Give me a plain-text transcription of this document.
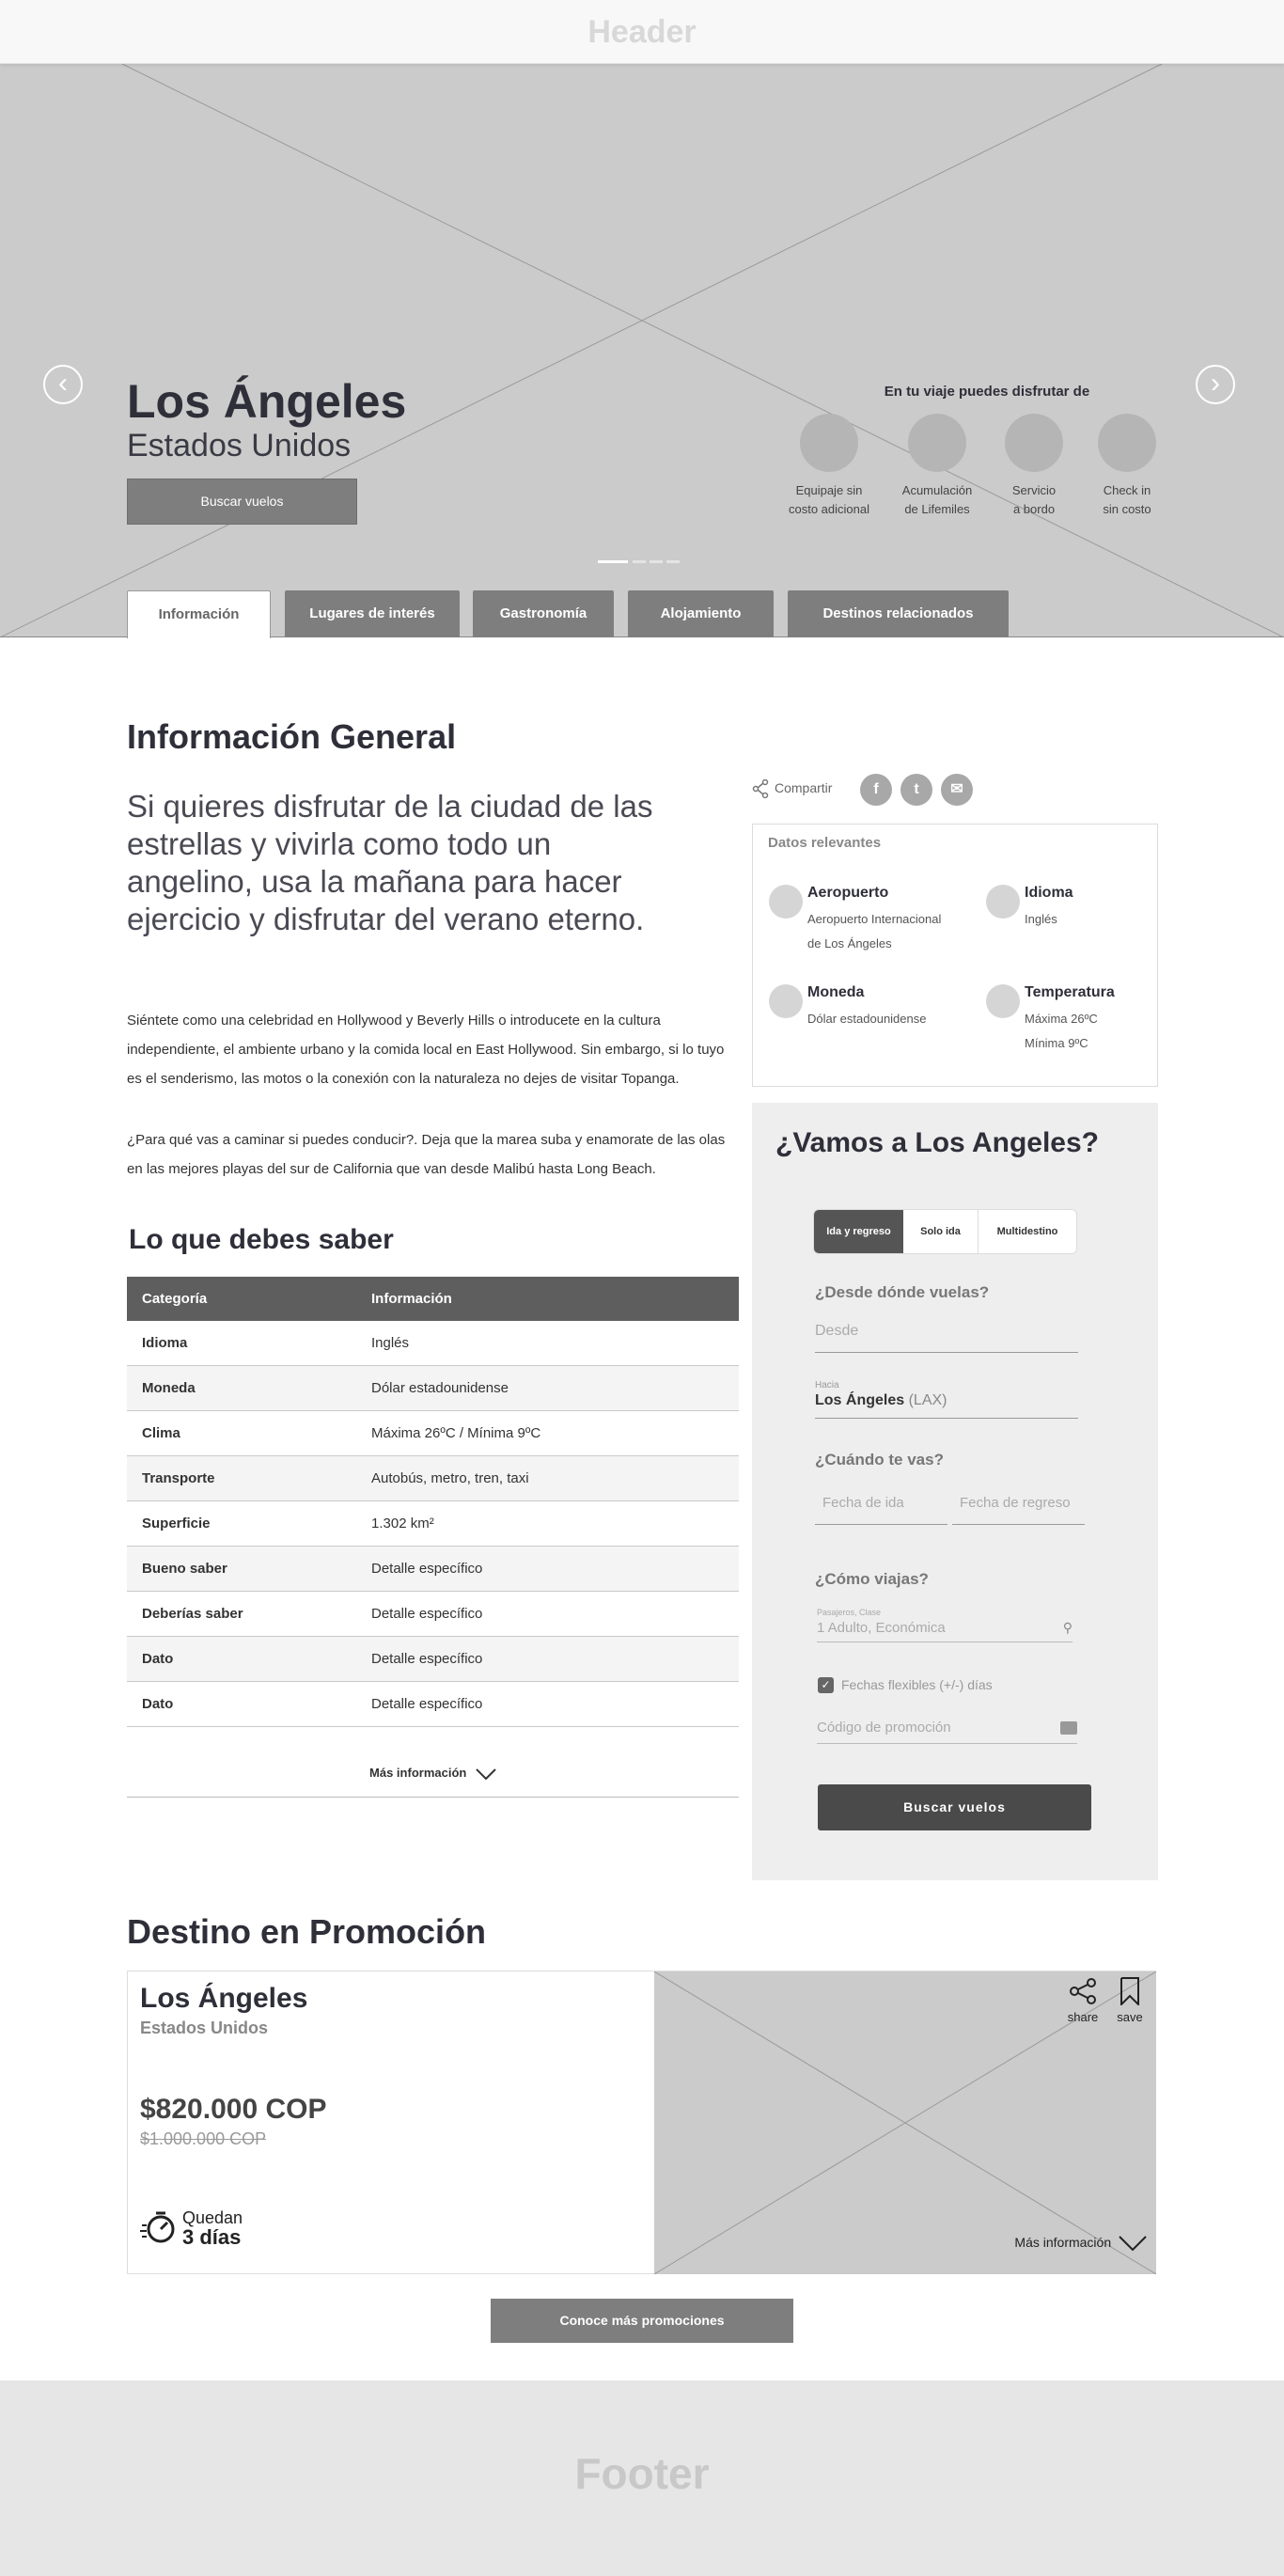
Header
‹	›
Los Ángeles
Estados Unidos
Buscar vuelos
En tu viaje puedes disfrutar de
Equipaje sin
costo adicional
Acumulación
de Lifemiles
Servicio
a bordo
Check in
sin costo
Información	Lugares de interés	Gastronomía	Alojamiento	Destinos relacionados
Información General
Si quieres disfrutar de la ciudad de las estrellas y vivirla como todo un angelino, usa la mañana para hacer ejercicio y disfrutar del verano eterno.
Siéntete como una celebridad en Hollywood y Beverly Hills o introducete en la cultura independiente, el ambiente urbano y la comida local en East Hollywood. Sin embargo, si lo tuyo es el senderismo, las motos o la conexión con la naturaleza no dejes de visitar Topanga.
¿Para qué vas a caminar si puedes conducir?. Deja que la marea suba y enamorate de las olas en las mejores playas del sur de California que van desde Malibú hasta Long Beach.
Lo que debes saber
Categoría	Información
Idioma	Inglés
Moneda	Dólar estadounidense
Clima	Máxima 26ºC / Mínima 9ºC
Transporte	Autobús, metro, tren, taxi
Superficie	1.302 km²
Bueno saber	Detalle específico
Deberías saber	Detalle específico
Dato	Detalle específico
Dato	Detalle específico
Más información
Compartir	f	t	✉
Datos relevantes
Aeropuerto
Aeropuerto Internacional
de Los Ángeles
Idioma
Inglés
Moneda
Dólar estadounidense
Temperatura
Máxima 26ºC
Mínima 9ºC
¿Vamos a Los Angeles?
Ida y regreso	Solo ida	Multidestino
¿Desde dónde vuelas?
Desde
Hacia
Los Ángeles (LAX)
¿Cuándo te vas?
Fecha de ida	Fecha de regreso
¿Cómo viajas?
Pasajeros, Clase
1 Adulto, Económica	⚲
✓ Fechas flexibles (+/-) días
Código de promoción
Buscar vuelos
Destino en Promoción
Los Ángeles
Estados Unidos
$820.000 COP
$1.000.000 COP
Quedan
3 días
share	save
Más información
Conoce más promociones
Footer
